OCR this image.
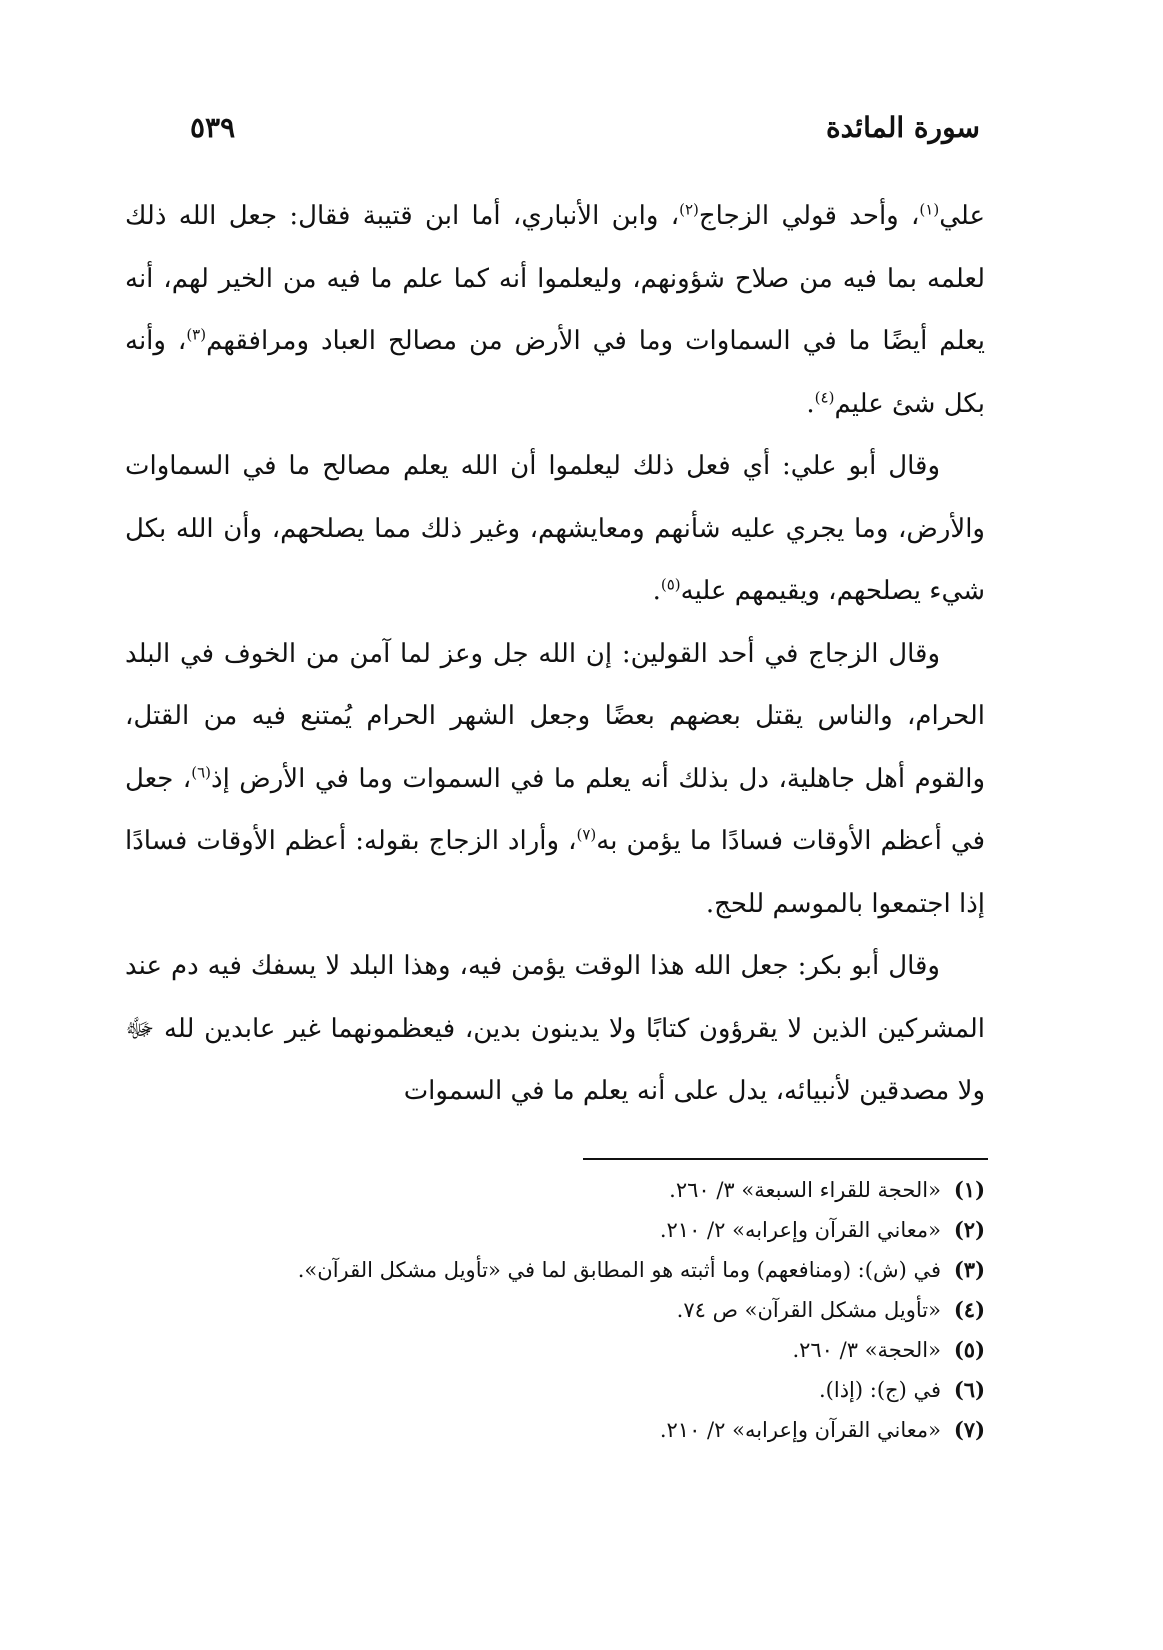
سورة المائدة
٥٣٩

علي$^{(١)}$، وأحد قولي الزجاج$^{(٢)}$، وابن الأنباري، أما ابن قتيبة فقال: جعل الله ذلك لعلمه بما فيه من صلاح شؤونهم، وليعلموا أنه كما علم ما فيه من الخير لهم، أنه يعلم أيضًا ما في السماوات وما في الأرض من مصالح العباد ومرافقهم$^{(٣)}$، وأنه بكل شئ عليم$^{(٤)}$.

وقال أبو علي: أي فعل ذلك ليعلموا أن الله يعلم مصالح ما في السماوات والأرض، وما يجري عليه شأنهم ومعايشهم، وغير ذلك مما يصلحهم، وأن الله بكل شيء يصلحهم، ويقيمهم عليه$^{(٥)}$.

وقال الزجاج في أحد القولين: إن الله جل وعز لما آمن من الخوف في البلد الحرام، والناس يقتل بعضهم بعضًا وجعل الشهر الحرام يُمتنع فيه من القتل، والقوم أهل جاهلية، دل بذلك أنه يعلم ما في السموات وما في الأرض إذ$^{(٦)}$، جعل في أعظم الأوقات فسادًا ما يؤمن به$^{(٧)}$، وأراد الزجاج بقوله: أعظم الأوقات فسادًا إذا اجتمعوا بالموسم للحج.

وقال أبو بكر: جعل الله هذا الوقت يؤمن فيه، وهذا البلد لا يسفك فيه دم عند المشركين الذين لا يقرؤون كتابًا ولا يدينون بدين، فيعظمونهما غير عابدين لله ﷻ ولا مصدقين لأنبيائه، يدل على أنه يعلم ما في السموات

(١)«الحجة للقراء السبعة» ٣/ ٢٦٠.
(٢)«معاني القرآن وإعرابه» ٢/ ٢١٠.
(٣)في (ش): (ومنافعهم) وما أثبته هو المطابق لما في «تأويل مشكل القرآن».
(٤)«تأويل مشكل القرآن» ص ٧٤.
(٥)«الحجة» ٣/ ٢٦٠.
(٦)في (ج): (إذا).
(٧)«معاني القرآن وإعرابه» ٢/ ٢١٠.
